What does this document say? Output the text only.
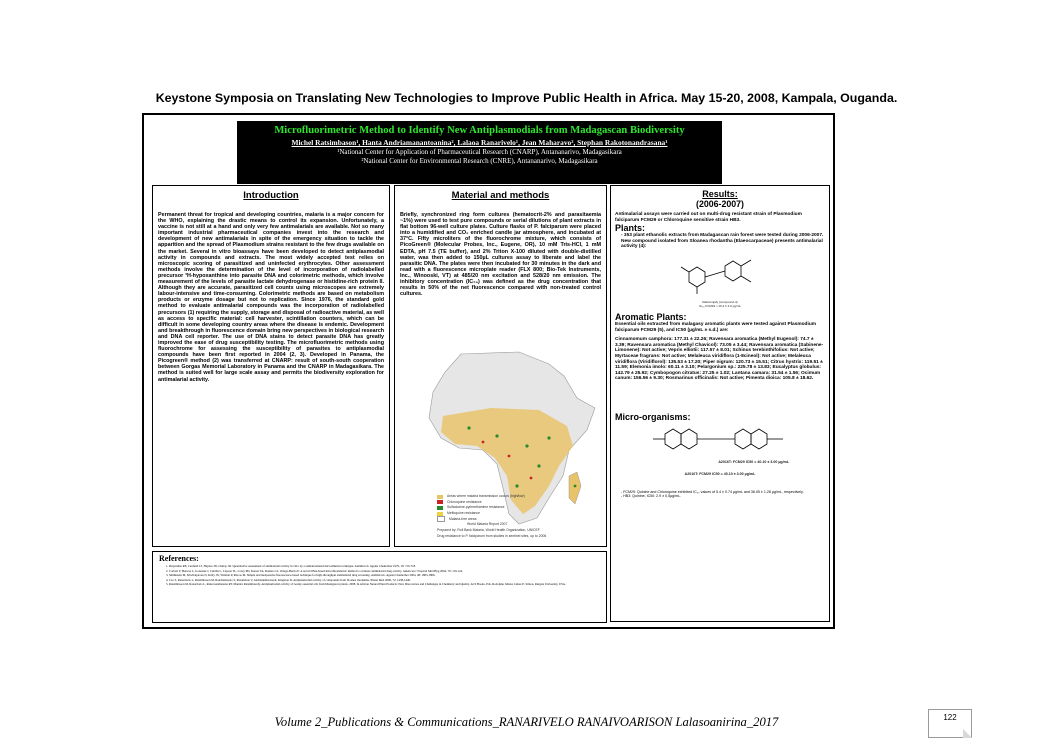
Keystone Symposia on Translating New Technologies to Improve Public Health in Africa. May 15-20, 2008, Kampala, Ouganda.
Microfluorimetric Method to Identify New Antiplasmodials from Madagascan Biodiversity
Michel Ratsimbason¹, Hanta Andriamanantoanina², Lalaoa Ranarivelo¹, Jean Maharavo², Stephan Rakotonandrasana¹
¹National Center for Application of Pharmaceutical Research (CNARP), Antananarivo, Madagasikara
²National Center for Environmental Research (CNRE), Antananarivo, Madagasikara
Introduction
Permanent threat for tropical and developing countries, malaria is a major concern for the WHO, explaining the drastic means to control its expansion. Unfortunately, a vaccine is not still at a hand and only very few antimalarials are available. Not so many important industrial pharmaceutical companies invest into the research and development of new antimalarials in spite of the emergency situation to tackle the apparition and the spread of Plasmodium strains resistant to the few drugs available on the market. Several in vitro bioassays have been developed to detect antiplasmodial activity in compounds and extracts. The most widely accepted test relies on microscopic scoring of parasitized and uninfected erythrocytes. Other assessment methods involve the determination of the level of incorporation of radiolabelled precursor ³H-hypoxanthine into parasite DNA and colorimetric methods, which involve measurement of the levels of parasite lactate dehydrogenase or histidine-rich protein II. Although they are accurate, parasitized cell counts using microscopes are extremely labour-intensive and time-consuming. Colorimetric methods are based on metabolism products or enzyme dosage but not to replication. Since 1976, the standard gold method to evaluate antimalarial compounds was the incorporation of radiolabelled precursors (1) requiring the supply, storage and disposal of radioactive material, as well as access to specific material: cell harvester, scintillation counters, which can be difficult in some developing country areas where the disease is endemic. Development and breakthrough in fluorescence domain bring new perspectives in biological research and DNA cell reporter. The use of DNA stains to detect parasite DNA has greatly improved the ease of drug susceptibility testing. The microfluorimetric methods using fluorochrome for assessing the susceptibility of parasites to antiplasmodial compounds have been first reported in 2004 (2, 3). Developed in Panama, the Picogreen® method (2) was transferred at CNARP: result of south-south cooperation between Gorgas Memorial Laboratory in Panama and the CNARP in Madagasikara. The method is suited well for large scale assay and permits the biodiversity exploration for antimalarial activity.
Material and methods
Briefly, synchronized ring form cultures (hematocrit-2% and parasitaemia ~1%) were used to test pure compounds or serial dilutions of plant extracts in flat bottom 96-well culture plates. Culture flasks of P. falciparum were placed into a humidified and CO₂ enriched candle jar atmosphere, and incubated at 37°C. Fifty microliters of the fluorochrome mixture, which consists of PicoGreen® (Molecular Probes, Inc., Eugene, OR), 10 mM Tris-HCl, 1 mM EDTA, pH 7.5 (TE buffer), and 2% Triton X-100 diluted with double-distilled water, was then added to 150µL cultures assay to liberate and label the parasitic DNA. The plates were then incubated for 30 minutes in the dark and read with a fluorescence microplate reader (FLX 800; Bio-Tek Instruments, Inc., Winooski, VT) at 485/20 nm excitation and 528/20 nm emission. The inhibitory concentration (IC₅₀) was defined as the drug concentration that results in 50% of the net fluorescence compared with non-treated control cultures.
Areas where malaria transmission occurs (high/low)
Chloroquine resistance
Sulfadoxine-pyrimethamine resistance
Mefloquine resistance
Malaria-free areas
World Malaria Report 2007
Prepared by: Roll Back Malaria, World Health Organization, UNICEF
Drug resistance to P. falciparum from studies in sentinel sites, up to 2006
Results:
(2006-2007)
Antimalarial assays were carried out on multi-drug resistant strain of Plasmodium falciparum FCM29 or Chloroquine sensitive strain HB3.
Plants:
- 353 plant ethanolic extracts from Madagascan rain forest were tested during 2006-2007. New compound isolated from Sloanea rhodantha (Elaeocarpaceae) presents antimalarial activity (4):
Rakotonjafy (compound-4)
IC₅₀ FCM29 ≈ 16.2 ± 2.0 µg/mL
Aromatic Plants:
Essential oils extracted from malagasy aromatic plants were tested against Plasmodium falciparum FCM29 (5), and IC50 (µg/mL ± s.d.) are:
Cinnamomum camphora: 177.31 ± 22.26; Ravensara aromatica (Methyl Eugenol): 74.7 ± 3.39; Ravensara aromatica (Methyl Chavicol): 73.05 ± 3.44; Ravensara aromatica (Sabinene-Limonene): Not active; Vepris elliotii: 117.57 ± 8.01; Schinus terebinthifolius: Not active; Myrtaceae fragrans: Not active; Melaleuca viridiflora (1-8cineol): Not active; Melaleuca viridiflora (Viridiflorol): 135.53 ± 17.20; Piper nigrum: 120.73 ± 15.51; Citrus hystrix: 119.51 ± 11.59; Elemonia imolo: 60.11 ± 3.10; Pelargonium sp.: 225.78 ± 13.83; Eucalyptus globulus: 142.79 ± 25.92; Cymbopogon citratus: 27.25 ± 1.02; Lantana camara: 31.54 ± 1.56; Ocimum canum: 156.56 ± 9.30; Rosmarinus officinalis: Not active; Pimenta dioica: 105.8 ± 18.62.
Micro-organisms:
A2016T: FCM29 IC50 = 40.10 ± 3.00 µg/mL
A2016T: FCM29 IC50 = 40.10 ± 3.00 µg/mL
- FCM29: Quinine and Chloroquine exhibited IC₅₀ values of 5.4 ± 0.74 µg/mL and 36.05 ± 1.28 µg/mL, respectively.
- HB3: Quinine, IC50: 2.9 ± 0.5µg/mL.
References:
1. Desjardins RE, Canfield CJ, Haynes JD, Chulay JD. Quantitative assessment of antimalarial activity in vitro by a semiautomated microdilution technique. Antimicrob. Agents Chemother 1979, 16: 710-718.
2. Corbett Y, Herrera L, Gonzalez J, Cubilla L, Capson TL, Coley PD, Kursar TA, Romero LI, Ortega-Barria E. A novel DNA-based microfluorimetric method to evaluate antimalarial drug activity. American J Tropical Med Hyg 2004, 70: 119-124.
3. Smilkstein M, Sriwilaijaroen N, Kelly JX, Wilairat P, Riscoe M. Simple and inexpensive fluorescence-based technique for high-throughput antimalarial drug screening. Antimicrob. Agents Chemother 2004, 48: 1803-1806.
4. Cao S, Ranarivelo L, Ratsimbason M, Randrianasolo S, Rasamison V, Andriantsiferana R, Kingston D. Antiplasmodial activity of compounds from Sloanea rhodantha. Planta Med 2006, 72: 1438-1440.
5. Ratsimbason M, Ranarivelo L, Rakotoarimanana RT, Manitra Ratsimbazafy. Antiplasmodial activity of twenty essential oils from Madagascar plants. 2008, In African Natural Plant Products: New Discoveries and Challenges in Chemistry and Quality. ACS Books. Eds. Rodolphe Juliani, James E. Simon, Rutgers University, USA.
Volume 2_Publications & Communications_RANARIVELO RANAIVOARISON Lalasoanirina_2017	122
